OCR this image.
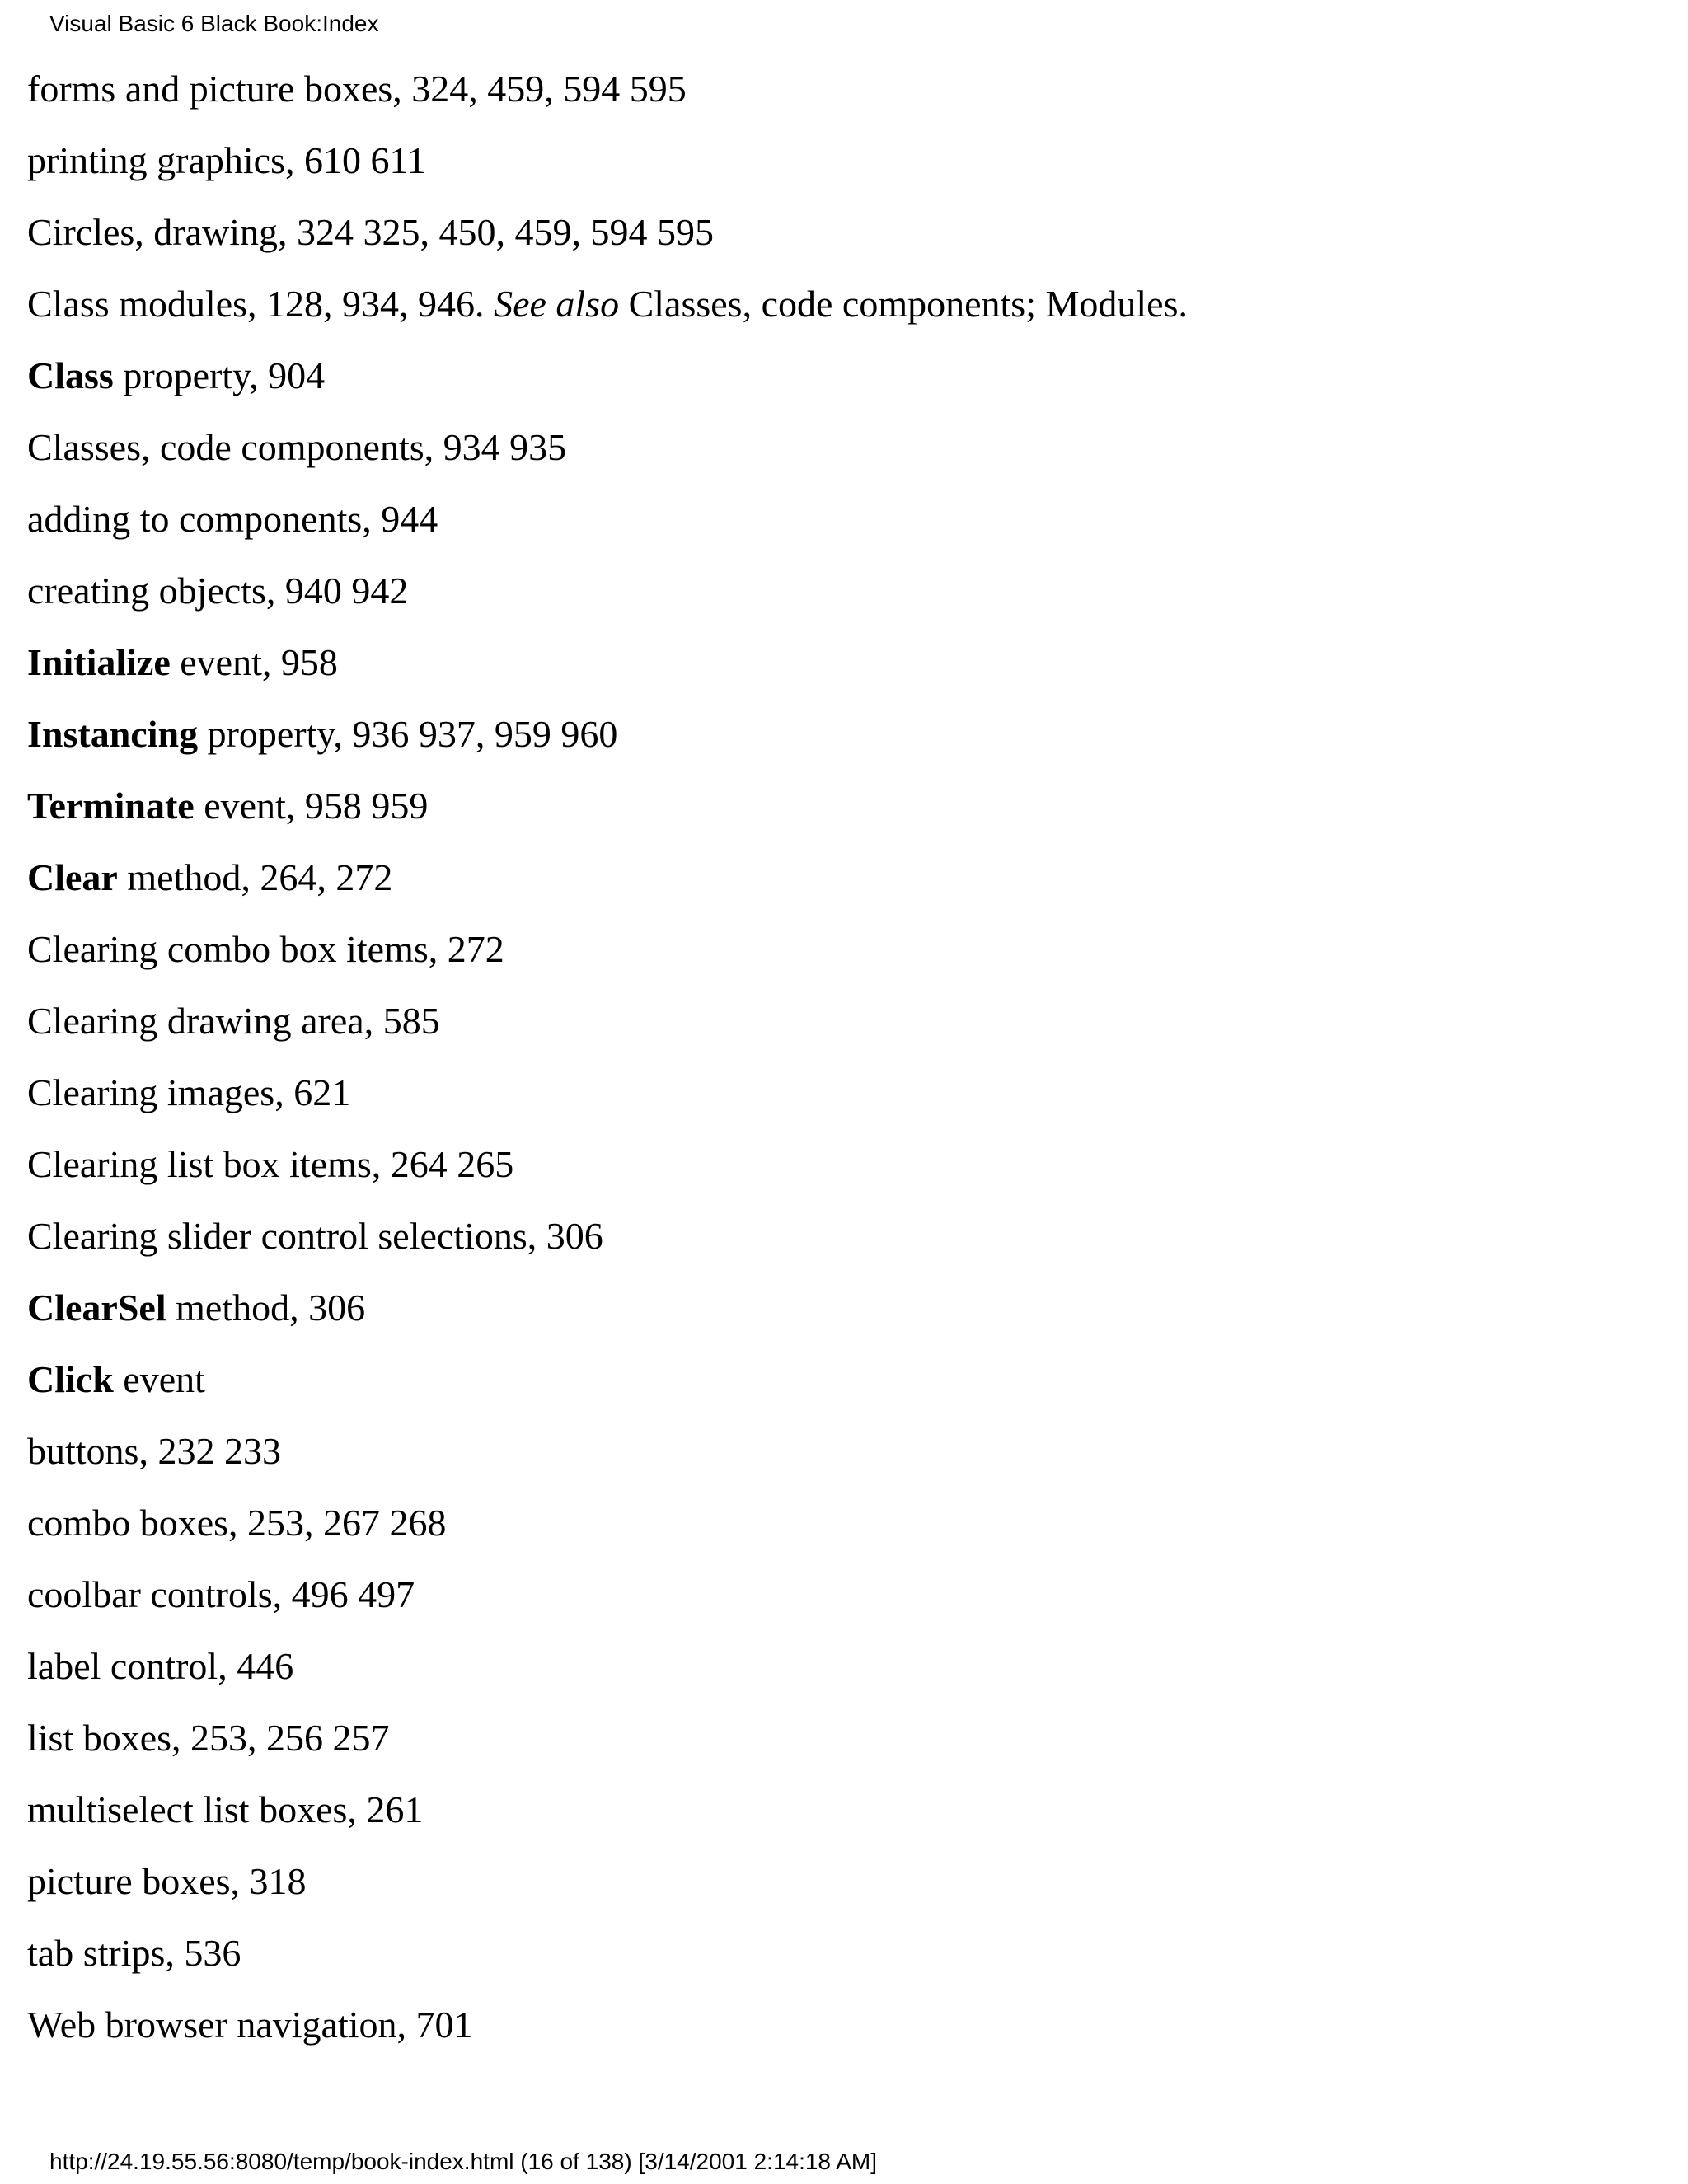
Visual Basic 6 Black Book:Index
forms and picture boxes, 324, 459, 594 595
printing graphics, 610 611
Circles, drawing, 324 325, 450, 459, 594 595
Class modules, 128, 934, 946. See also Classes, code components; Modules.
Class property, 904
Classes, code components, 934 935
adding to components, 944
creating objects, 940 942
Initialize event, 958
Instancing property, 936 937, 959 960
Terminate event, 958 959
Clear method, 264, 272
Clearing combo box items, 272
Clearing drawing area, 585
Clearing images, 621
Clearing list box items, 264 265
Clearing slider control selections, 306
ClearSel method, 306
Click event
buttons, 232 233
combo boxes, 253, 267 268
coolbar controls, 496 497
label control, 446
list boxes, 253, 256 257
multiselect list boxes, 261
picture boxes, 318
tab strips, 536
Web browser navigation, 701
http://24.19.55.56:8080/temp/book-index.html (16 of 138) [3/14/2001 2:14:18 AM]
